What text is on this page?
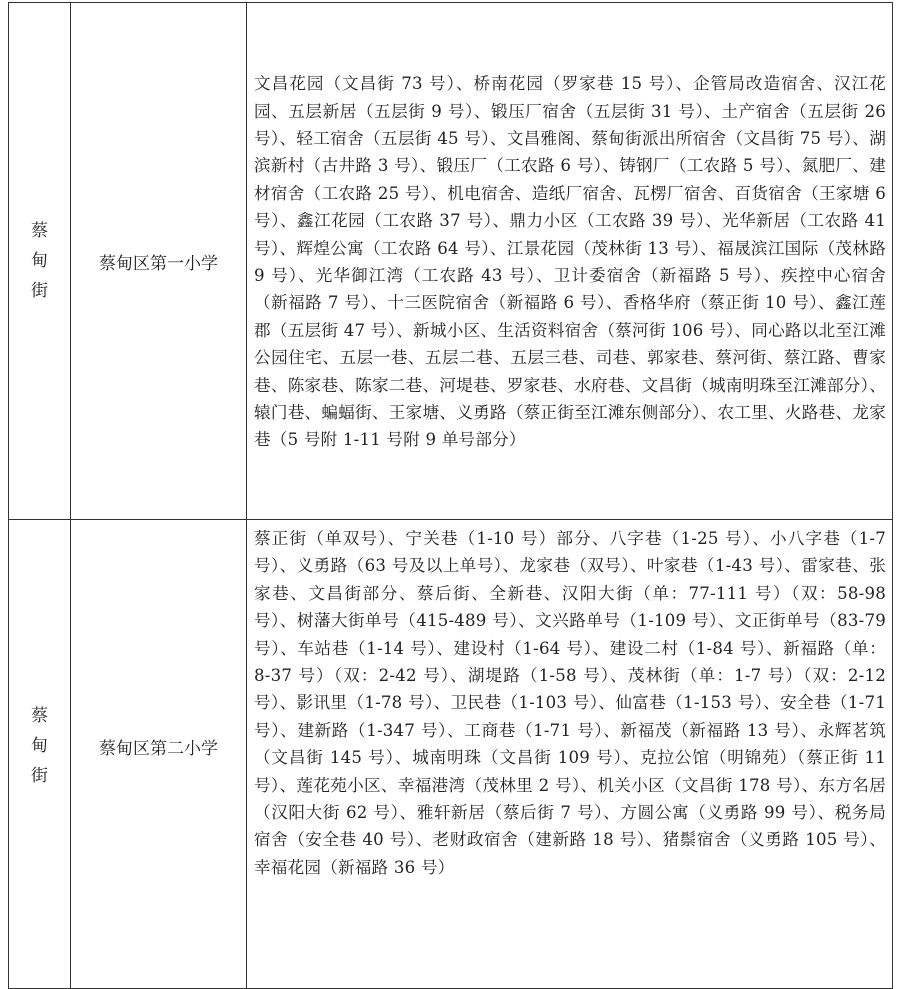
蔡甸街	蔡甸区第一小学	文昌花园（文昌街 73 号）、桥南花园（罗家巷 15 号）、企管局改造宿舍、汉江花园、五层新居（五层街 9 号）、锻压厂宿舍（五层街 31 号）、土产宿舍（五层街 26 号）、轻工宿舍（五层街 45 号）、文昌雅阁、蔡甸街派出所宿舍（文昌街 75 号）、湖滨新村（古井路 3 号）、锻压厂（工农路 6 号）、铸钢厂（工农路 5 号）、氮肥厂、建材宿舍（工农路 25 号）、机电宿舍、造纸厂宿舍、瓦楞厂宿舍、百货宿舍（王家塘 6 号）、鑫江花园（工农路 37 号）、鼎力小区（工农路 39 号）、光华新居（工农路 41 号）、辉煌公寓（工农路 64 号）、江景花园（茂林街 13 号）、福晟滨江国际（茂林路 9 号）、光华御江湾（工农路 43 号）、卫计委宿舍（新福路 5 号）、疾控中心宿舍（新福路 7 号）、十三医院宿舍（新福路 6 号）、香格华府（蔡正街 10 号）、鑫江莲郡（五层街 47 号）、新城小区、生活资料宿舍（蔡河街 106 号）、同心路以北至江滩公园住宅、五层一巷、五层二巷、五层三巷、司巷、郭家巷、蔡河街、蔡江路、曹家巷、陈家巷、陈家二巷、河堤巷、罗家巷、水府巷、文昌街（城南明珠至江滩部分）、辕门巷、蝙蝠街、王家塘、义勇路（蔡正街至江滩东侧部分）、农工里、火路巷、龙家巷（5 号附 1-11 号附 9 单号部分）

蔡甸街	蔡甸区第二小学	蔡正街（单双号）、宁关巷（1-10 号）部分、八字巷（1-25 号）、小八字巷（1-7 号）、义勇路（63 号及以上单号）、龙家巷（双号）、叶家巷（1-43 号）、雷家巷、张家巷、文昌街部分、蔡后街、全新巷、汉阳大街（单：77-111 号）（双：58-98 号）、树藩大街单号（415-489 号）、文兴路单号（1-109 号）、文正街单号（83-79 号）、车站巷（1-14 号）、建设村（1-64 号）、建设二村（1-84 号）、新福路（单：8-37 号）（双：2-42 号）、湖堤路（1-58 号）、茂林街（单：1-7 号）（双：2-12 号）、影讯里（1-78 号）、卫民巷（1-103 号）、仙富巷（1-153 号）、安全巷（1-71 号）、建新路（1-347 号）、工商巷（1-71 号）、新福茂（新福路 13 号）、永辉茗筑（文昌街 145 号）、城南明珠（文昌街 109 号）、克拉公馆（明锦苑）（蔡正街 11 号）、莲花苑小区、幸福港湾（茂林里 2 号）、机关小区（文昌街 178 号）、东方名居（汉阳大街 62 号）、雅轩新居（蔡后街 7 号）、方圆公寓（义勇路 99 号）、税务局宿舍（安全巷 40 号）、老财政宿舍（建新路 18 号）、猪鬃宿舍（义勇路 105 号）、幸福花园（新福路 36 号）
